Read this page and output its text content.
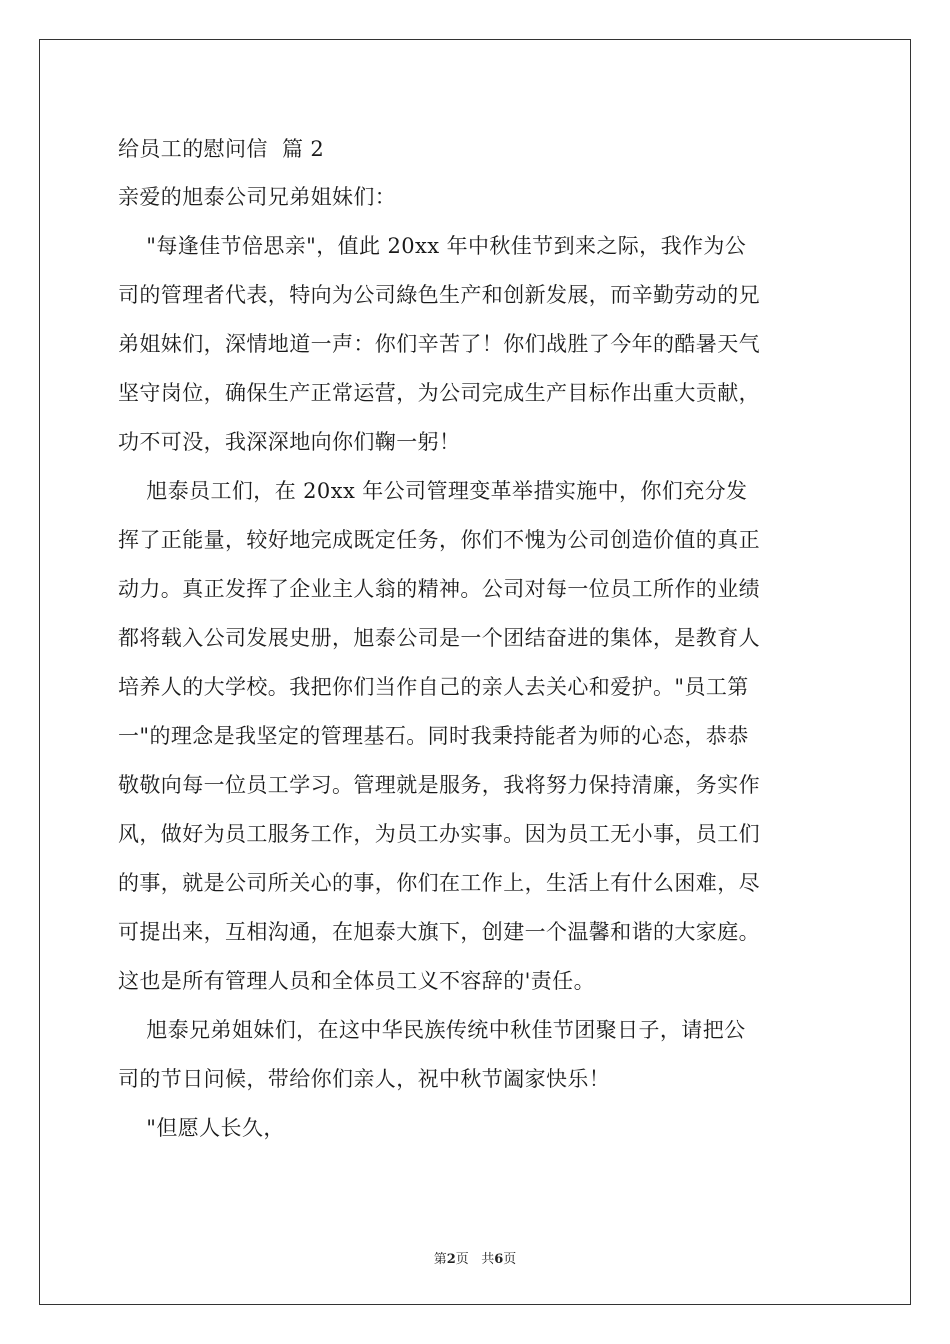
给员工的慰问信  篇 2
亲爱的旭泰公司兄弟姐妹们：
"每逢佳节倍思亲"，值此 20xx 年中秋佳节到来之际，我作为公
司的管理者代表，特向为公司綠色生产和创新发展，而辛勤劳动的兄
弟姐妹们，深情地道一声：你们辛苦了！你们战胜了今年的酷暑天气
坚守岗位，确保生产正常运营，为公司完成生产目标作出重大贡献，
功不可没，我深深地向你们鞠一躬！
旭泰员工们，在 20xx 年公司管理变革举措实施中，你们充分发
挥了正能量，较好地完成既定任务，你们不愧为公司创造价值的真正
动力。真正发挥了企业主人翁的精神。公司对每一位员工所作的业绩
都将载入公司发展史册，旭泰公司是一个团结奋进的集体，是教育人
培养人的大学校。我把你们当作自己的亲人去关心和爱护。"员工第
一"的理念是我坚定的管理基石。同时我秉持能者为师的心态，恭恭
敬敬向每一位员工学习。管理就是服务，我将努力保持清廉，务实作
风，做好为员工服务工作，为员工办实事。因为员工无小事，员工们
的事，就是公司所关心的事，你们在工作上，生活上有什么困难，尽
可提出来，互相沟通，在旭泰大旗下，创建一个温馨和谐的大家庭。
这也是所有管理人员和全体员工义不容辞的'责任。
旭泰兄弟姐妹们，在这中华民族传统中秋佳节团聚日子，请把公
司的节日问候，带给你们亲人，祝中秋节阖家快乐！
"但愿人长久，
第2页 共6页
